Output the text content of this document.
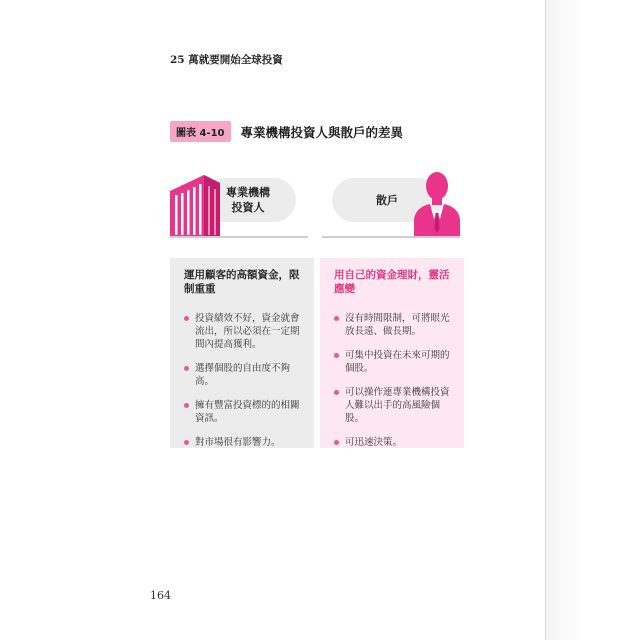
25 萬就要開始全球投資
圖表 4-10	專業機構投資人與散戶的差異
專業機構
投資人
散戶
運用顧客的高額資金，限制重重
投資績效不好，資金就會流出，所以必須在一定期間內提高獲利。
選擇個股的自由度不夠高。
擁有豐富投資標的的相關資訊。
對市場很有影響力。
用自己的資金理財，靈活應變
沒有時間限制，可將眼光放長遠、做長期。
可集中投資在未來可期的個股。
可以操作連專業機構投資人難以出手的高風險個股。
可迅速決策。
164
